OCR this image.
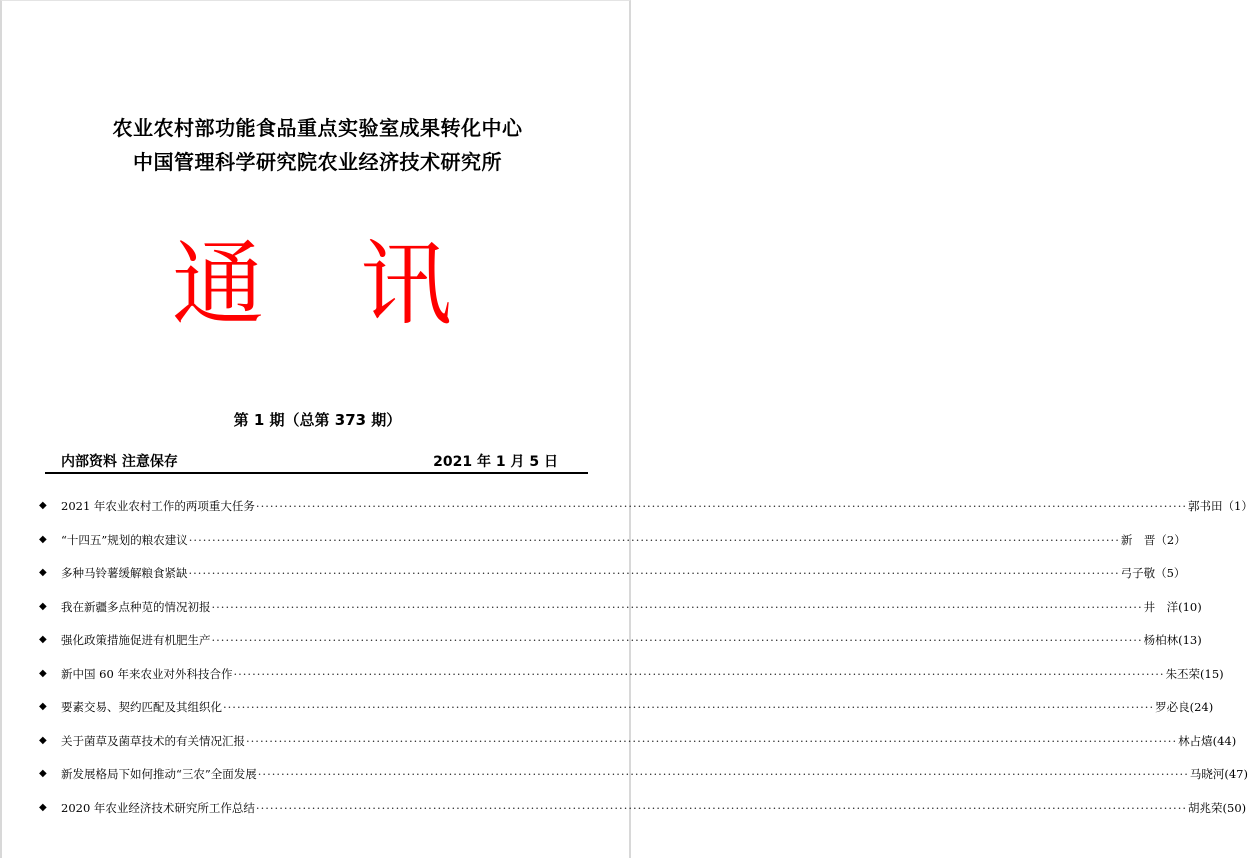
农业农村部功能食品重点实验室成果转化中心
中国管理科学研究院农业经济技术研究所
通 讯
第 1 期（总第 373 期）
内部资料 注意保存	2021 年 1 月 5 日
◆	2021 年农业农村工作的两项重大任务 ········································································································································································································ 郭书田（1）
◆	“十四五”规划的粮农建议 ········································································································································································································ 新　晋（2）
◆	多种马铃薯缓解粮食紧缺 ········································································································································································································ 弓子敬（5）
◆	我在新疆多点种苋的情况初报 ········································································································································································································ 井　洋(10)
◆	强化政策措施促进有机肥生产 ········································································································································································································ 杨柏林(13)
◆	新中国 60 年来农业对外科技合作 ········································································································································································································ 朱丕荣(15)
◆	要素交易、契约匹配及其组织化 ········································································································································································································ 罗必良(24)
◆	关于菌草及菌草技术的有关情况汇报 ········································································································································································································ 林占熺(44)
◆	新发展格局下如何推动“三农”全面发展 ········································································································································································································ 马晓河(47)
◆	2020 年农业经济技术研究所工作总结 ········································································································································································································ 胡兆荣(50)
